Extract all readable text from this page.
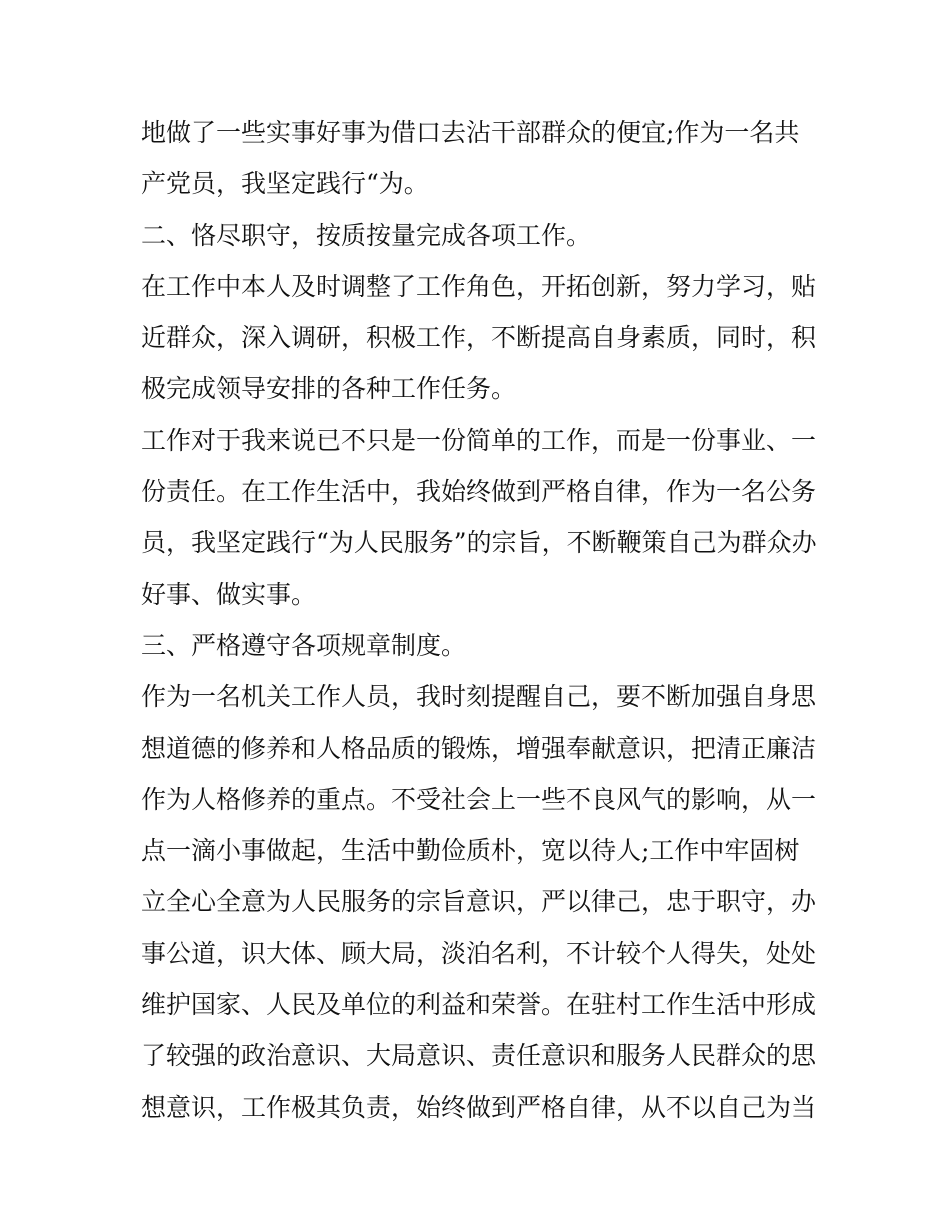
地做了一些实事好事为借口去沾干部群众的便宜;作为一名共
产党员，我坚定践行“为。
二、恪尽职守，按质按量完成各项工作。
在工作中本人及时调整了工作角色，开拓创新，努力学习，贴
近群众，深入调研，积极工作，不断提高自身素质，同时，积
极完成领导安排的各种工作任务。
工作对于我来说已不只是一份简单的工作，而是一份事业、一
份责任。在工作生活中，我始终做到严格自律，作为一名公务
员，我坚定践行“为人民服务”的宗旨，不断鞭策自己为群众办
好事、做实事。
三、严格遵守各项规章制度。
作为一名机关工作人员，我时刻提醒自己，要不断加强自身思
想道德的修养和人格品质的锻炼，增强奉献意识，把清正廉洁
作为人格修养的重点。不受社会上一些不良风气的影响，从一
点一滴小事做起，生活中勤俭质朴，宽以待人;工作中牢固树
立全心全意为人民服务的宗旨意识，严以律己，忠于职守，办
事公道，识大体、顾大局，淡泊名利，不计较个人得失，处处
维护国家、人民及单位的利益和荣誉。在驻村工作生活中形成
了较强的政治意识、大局意识、责任意识和服务人民群众的思
想意识，工作极其负责，始终做到严格自律，从不以自己为当
